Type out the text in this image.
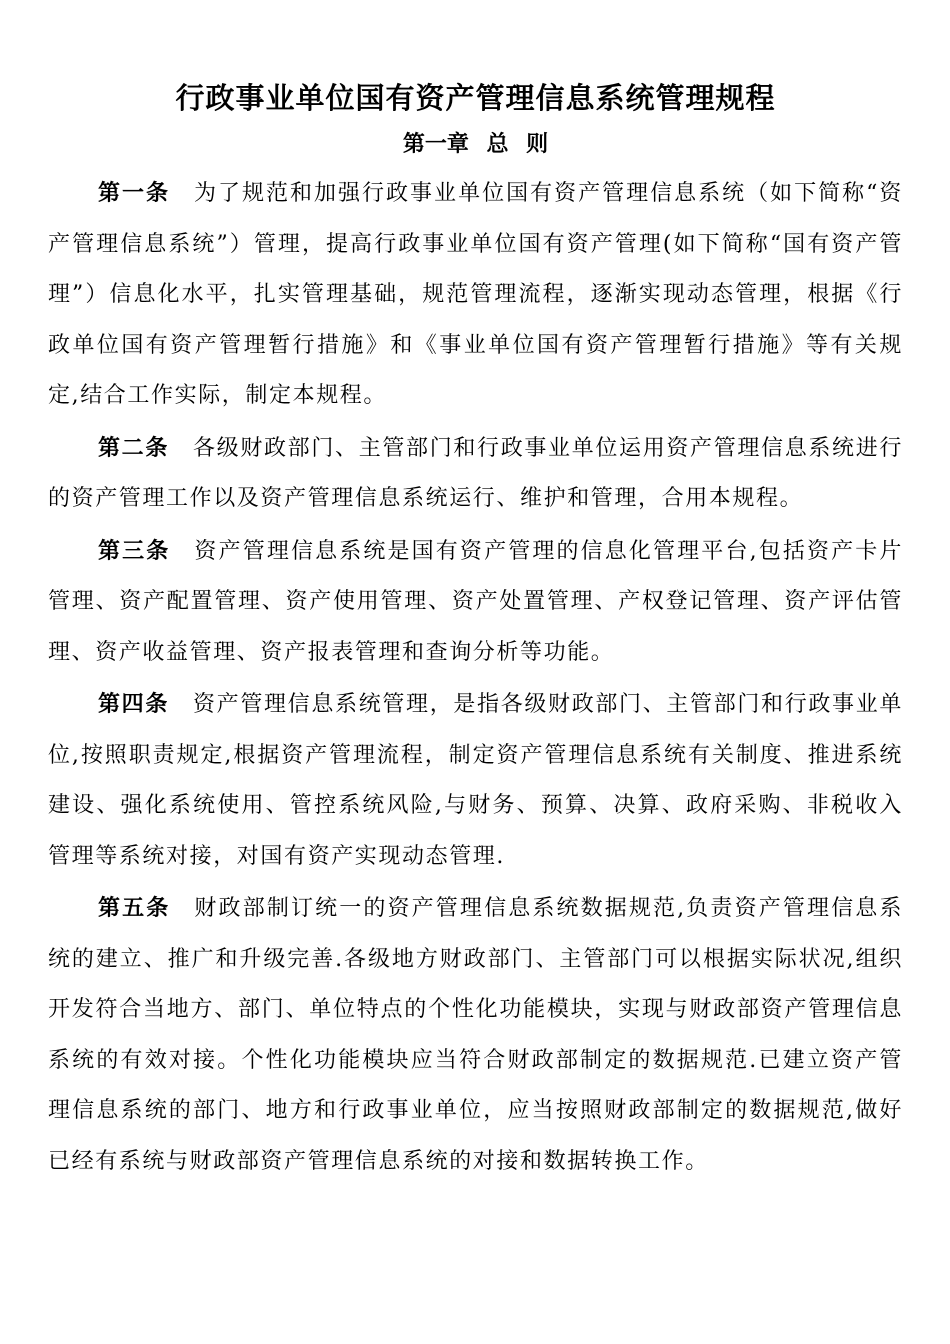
行政事业单位国有资产管理信息系统管理规程
第一章 总 则

第一条 为了规范和加强行政事业单位国有资产管理信息系统（如下简称“资产管理信息系统”）管理，提高行政事业单位国有资产管理(如下简称“国有资产管理”）信息化水平，扎实管理基础，规范管理流程，逐渐实现动态管理，根据《行政单位国有资产管理暂行措施》和《事业单位国有资产管理暂行措施》等有关规定,结合工作实际，制定本规程。

第二条 各级财政部门、主管部门和行政事业单位运用资产管理信息系统进行的资产管理工作以及资产管理信息系统运行、维护和管理，合用本规程。

第三条 资产管理信息系统是国有资产管理的信息化管理平台,包括资产卡片管理、资产配置管理、资产使用管理、资产处置管理、产权登记管理、资产评估管理、资产收益管理、资产报表管理和查询分析等功能。

第四条 资产管理信息系统管理，是指各级财政部门、主管部门和行政事业单位,按照职责规定,根据资产管理流程，制定资产管理信息系统有关制度、推进系统建设、强化系统使用、管控系统风险,与财务、预算、决算、政府采购、非税收入管理等系统对接，对国有资产实现动态管理.

第五条 财政部制订统一的资产管理信息系统数据规范,负责资产管理信息系统的建立、推广和升级完善.各级地方财政部门、主管部门可以根据实际状况,组织开发符合当地方、部门、单位特点的个性化功能模块，实现与财政部资产管理信息系统的有效对接。个性化功能模块应当符合财政部制定的数据规范.已建立资产管理信息系统的部门、地方和行政事业单位，应当按照财政部制定的数据规范,做好已经有系统与财政部资产管理信息系统的对接和数据转换工作。
